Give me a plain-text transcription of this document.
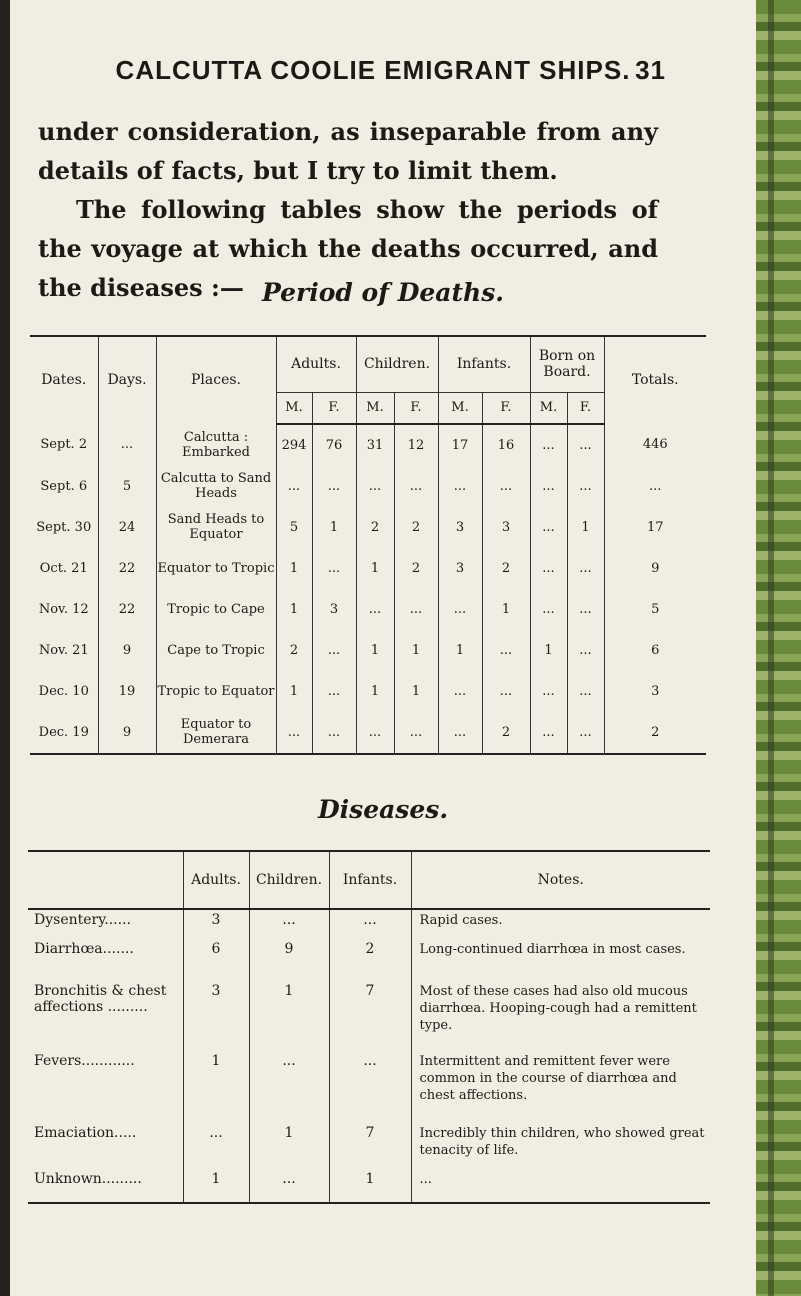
CALCUTTA COOLIE EMIGRANT SHIPS. 31

under consideration, as inseparable from any details of facts, but I try to limit them.

The following tables show the periods of the voyage at which the deaths occurred, and the diseases :— Period of Deaths.
Dates.	Days.	Places.	Adults.		Children.		Infants.		Born on Board.		Totals.
			M.	F.	M.	F.	M.	F.	M.	F.	
Sept. 2	...	Calcutta : Embarked	294	76	31	12	17	16	...	...	446
Sept. 6	5	Calcutta to Sand Heads	...	...	...	...	...	...	...	...	...
Sept. 30	24	Sand Heads to Equator	5	1	2	2	3	3	...	1	17
Oct. 21	22	Equator to Tropic	1	...	1	2	3	2	...	...	9
Nov. 12	22	Tropic to Cape	1	3	...	...	...	1	...	...	5
Nov. 21	9	Cape to Tropic	2	...	1	1	1	...	1	...	6
Dec. 10	19	Tropic to Equator	1	...	1	1	...	...	...	...	3
Dec. 19	9	Equator to Demerara	...	...	...	...	...	2	...	...	2
Diseases.
	Adults.	Children.	Infants.	Notes.
Dysentery......	3	...	...	Rapid cases.
Diarrhœa.......	6	9	2	Long-continued diarrhœa in most cases.
Bronchitis & chest affections .........	3	1	7	Most of these cases had also old mucous diarrhœa. Hooping-cough had a remittent type.
Fevers............	1	...	...	Intermittent and remittent fever were common in the course of diarrhœa and chest affections.
Emaciation.....	...	1	7	Incredibly thin children, who showed great tenacity of life.
Unknown.........	1	...	1	...
